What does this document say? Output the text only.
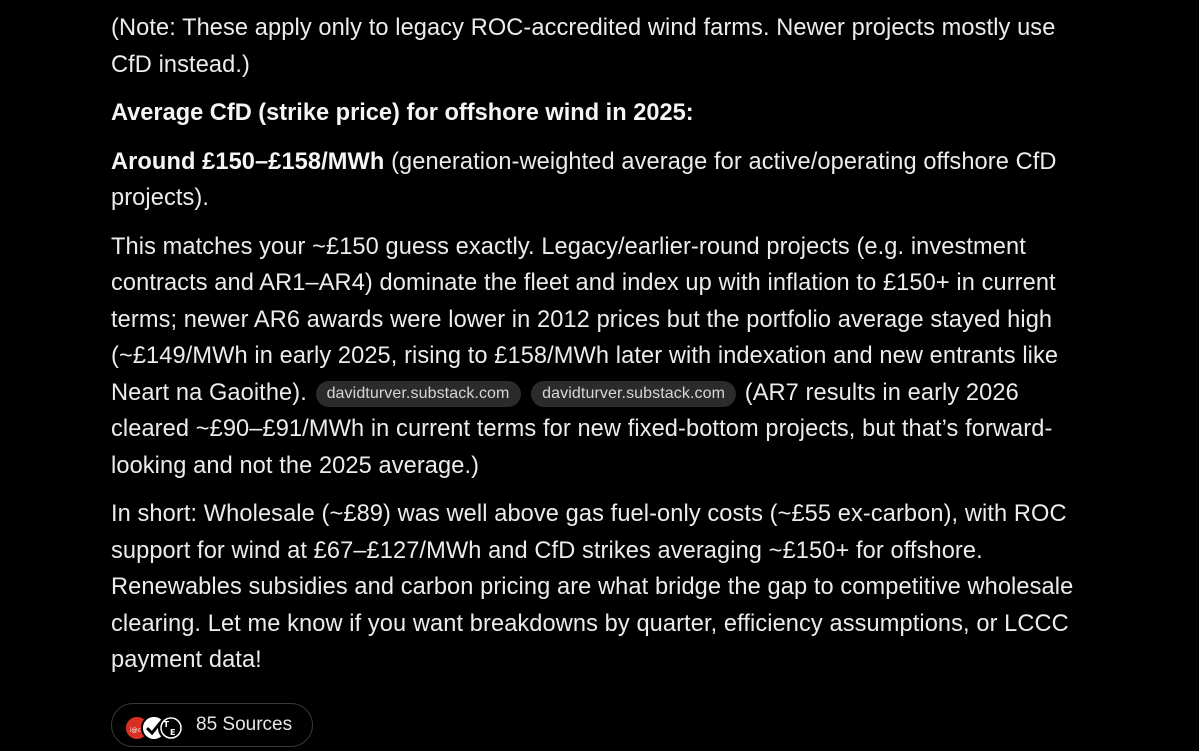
(Note: These apply only to legacy ROC-accredited wind farms. Newer projects mostly use CfD instead.)

Average CfD (strike price) for offshore wind in 2025:

Around £150–£158/MWh (generation-weighted average for active/operating offshore CfD projects).

This matches your ~£150 guess exactly. Legacy/earlier-round projects (e.g. investment contracts and AR1–AR4) dominate the fleet and index up with inflation to £150+ in current terms; newer AR6 awards were lower in 2012 prices but the portfolio average stayed high (~£149/MWh in early 2025, rising to £158/MWh later with indexation and new entrants like Neart na Gaoithe). davidturver.substack.com davidturver.substack.com (AR7 results in early 2026 cleared ~£90–£91/MWh in current terms for new fixed-bottom projects, but that’s forward-looking and not the 2025 average.)

In short: Wholesale (~£89) was well above gas fuel-only costs (~£55 ex-carbon), with ROC support for wind at £67–£127/MWh and CfD strikes averaging ~£150+ for offshore. Renewables subsidies and carbon pricing are what bridge the gap to competitive wholesale clearing. Let me know if you want breakdowns by quarter, efficiency assumptions, or LCCC payment data!

i@c
T
E 85 Sources
